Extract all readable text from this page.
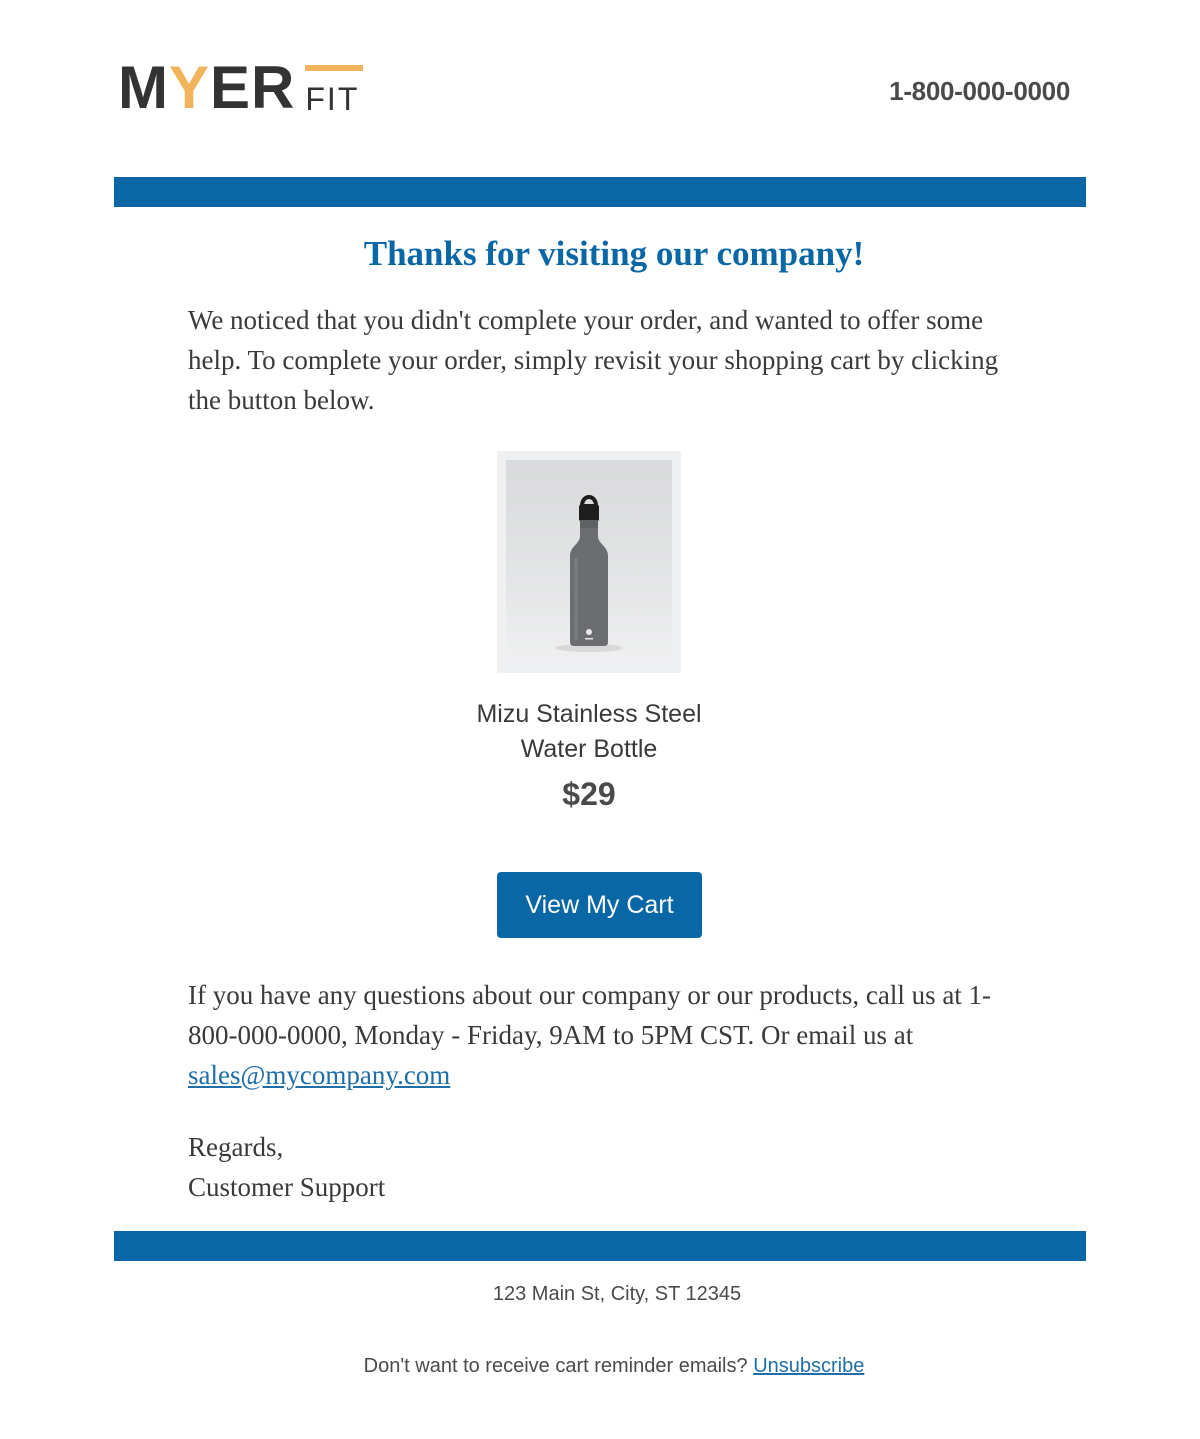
MYER FIT	1-800-000-0000
Thanks for visiting our company!
We noticed that you didn't complete your order, and wanted to offer some help. To complete your order, simply revisit your shopping cart by clicking the button below.
Mizu Stainless Steel
Water Bottle
$29
View My Cart
If you have any questions about our company or our products, call us at 1-800-000-0000, Monday - Friday, 9AM to 5PM CST. Or email us at sales@mycompany.com
Regards,
Customer Support
123 Main St, City, ST 12345
Don't want to receive cart reminder emails? Unsubscribe
